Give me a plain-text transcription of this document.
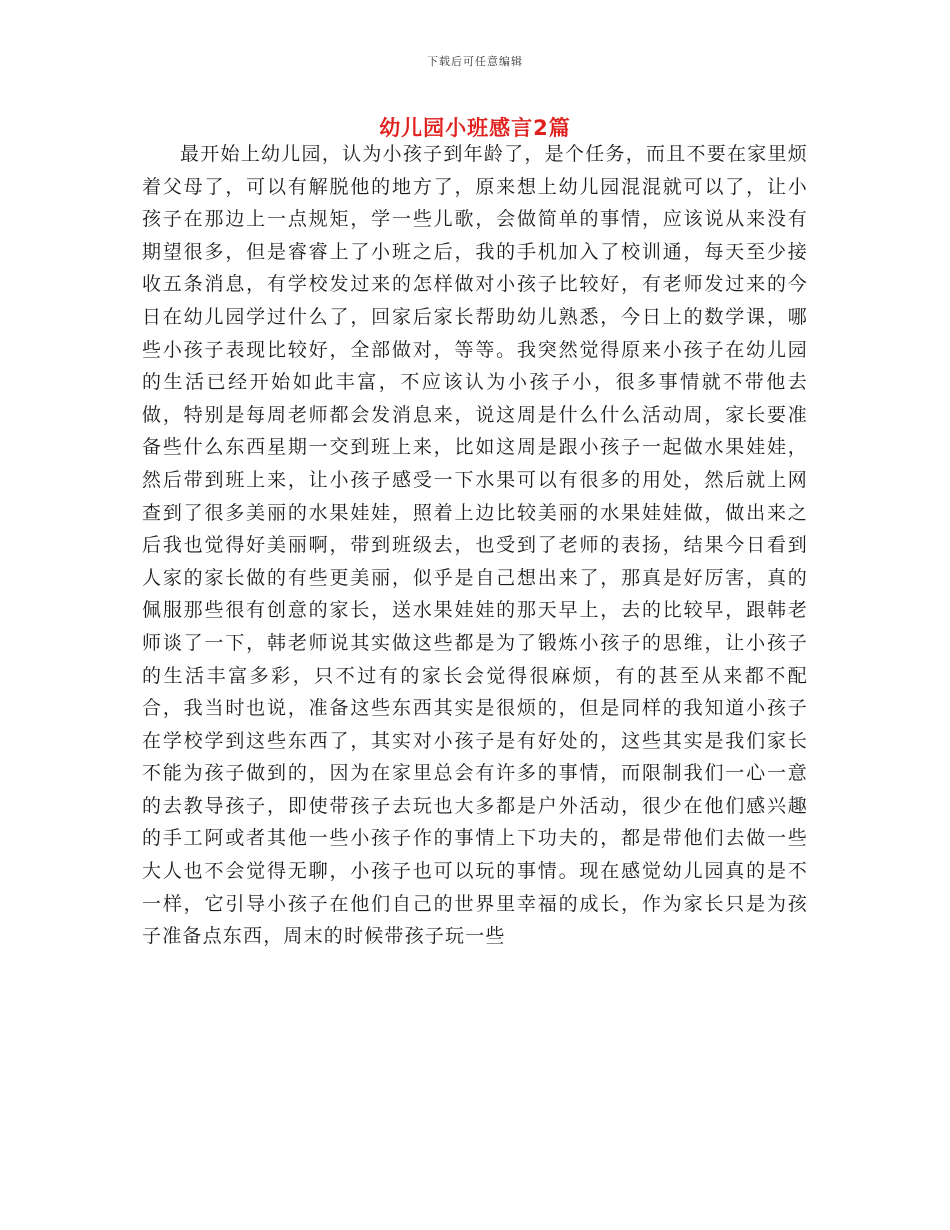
下载后可任意编辑
幼儿园小班感言2篇

最开始上幼儿园，认为小孩子到年龄了，是个任务，而且不要在家里烦着父母了，可以有解脱他的地方了，原来想上幼儿园混混就可以了，让小孩子在那边上一点规矩，学一些儿歌，会做简单的事情，应该说从来没有期望很多，但是睿睿上了小班之后，我的手机加入了校训通，每天至少接收五条消息，有学校发过来的怎样做对小孩子比较好，有老师发过来的今日在幼儿园学过什么了，回家后家长帮助幼儿熟悉，今日上的数学课，哪些小孩子表现比较好，全部做对，等等。我突然觉得原来小孩子在幼儿园的生活已经开始如此丰富，不应该认为小孩子小，很多事情就不带他去做，特别是每周老师都会发消息来，说这周是什么什么活动周，家长要准备些什么东西星期一交到班上来，比如这周是跟小孩子一起做水果娃娃，然后带到班上来，让小孩子感受一下水果可以有很多的用处，然后就上网查到了很多美丽的水果娃娃，照着上边比较美丽的水果娃娃做，做出来之后我也觉得好美丽啊，带到班级去，也受到了老师的表扬，结果今日看到人家的家长做的有些更美丽，似乎是自己想出来了，那真是好厉害，真的佩服那些很有创意的家长，送水果娃娃的那天早上，去的比较早，跟韩老师谈了一下，韩老师说其实做这些都是为了锻炼小孩子的思维，让小孩子的生活丰富多彩，只不过有的家长会觉得很麻烦，有的甚至从来都不配合，我当时也说，准备这些东西其实是很烦的，但是同样的我知道小孩子在学校学到这些东西了，其实对小孩子是有好处的，这些其实是我们家长不能为孩子做到的，因为在家里总会有许多的事情，而限制我们一心一意的去教导孩子，即使带孩子去玩也大多都是户外活动，很少在他们感兴趣的手工阿或者其他一些小孩子作的事情上下功夫的，都是带他们去做一些大人也不会觉得无聊，小孩子也可以玩的事情。现在感觉幼儿园真的是不一样，它引导小孩子在他们自己的世界里幸福的成长，作为家长只是为孩子准备点东西，周末的时候带孩子玩一些
